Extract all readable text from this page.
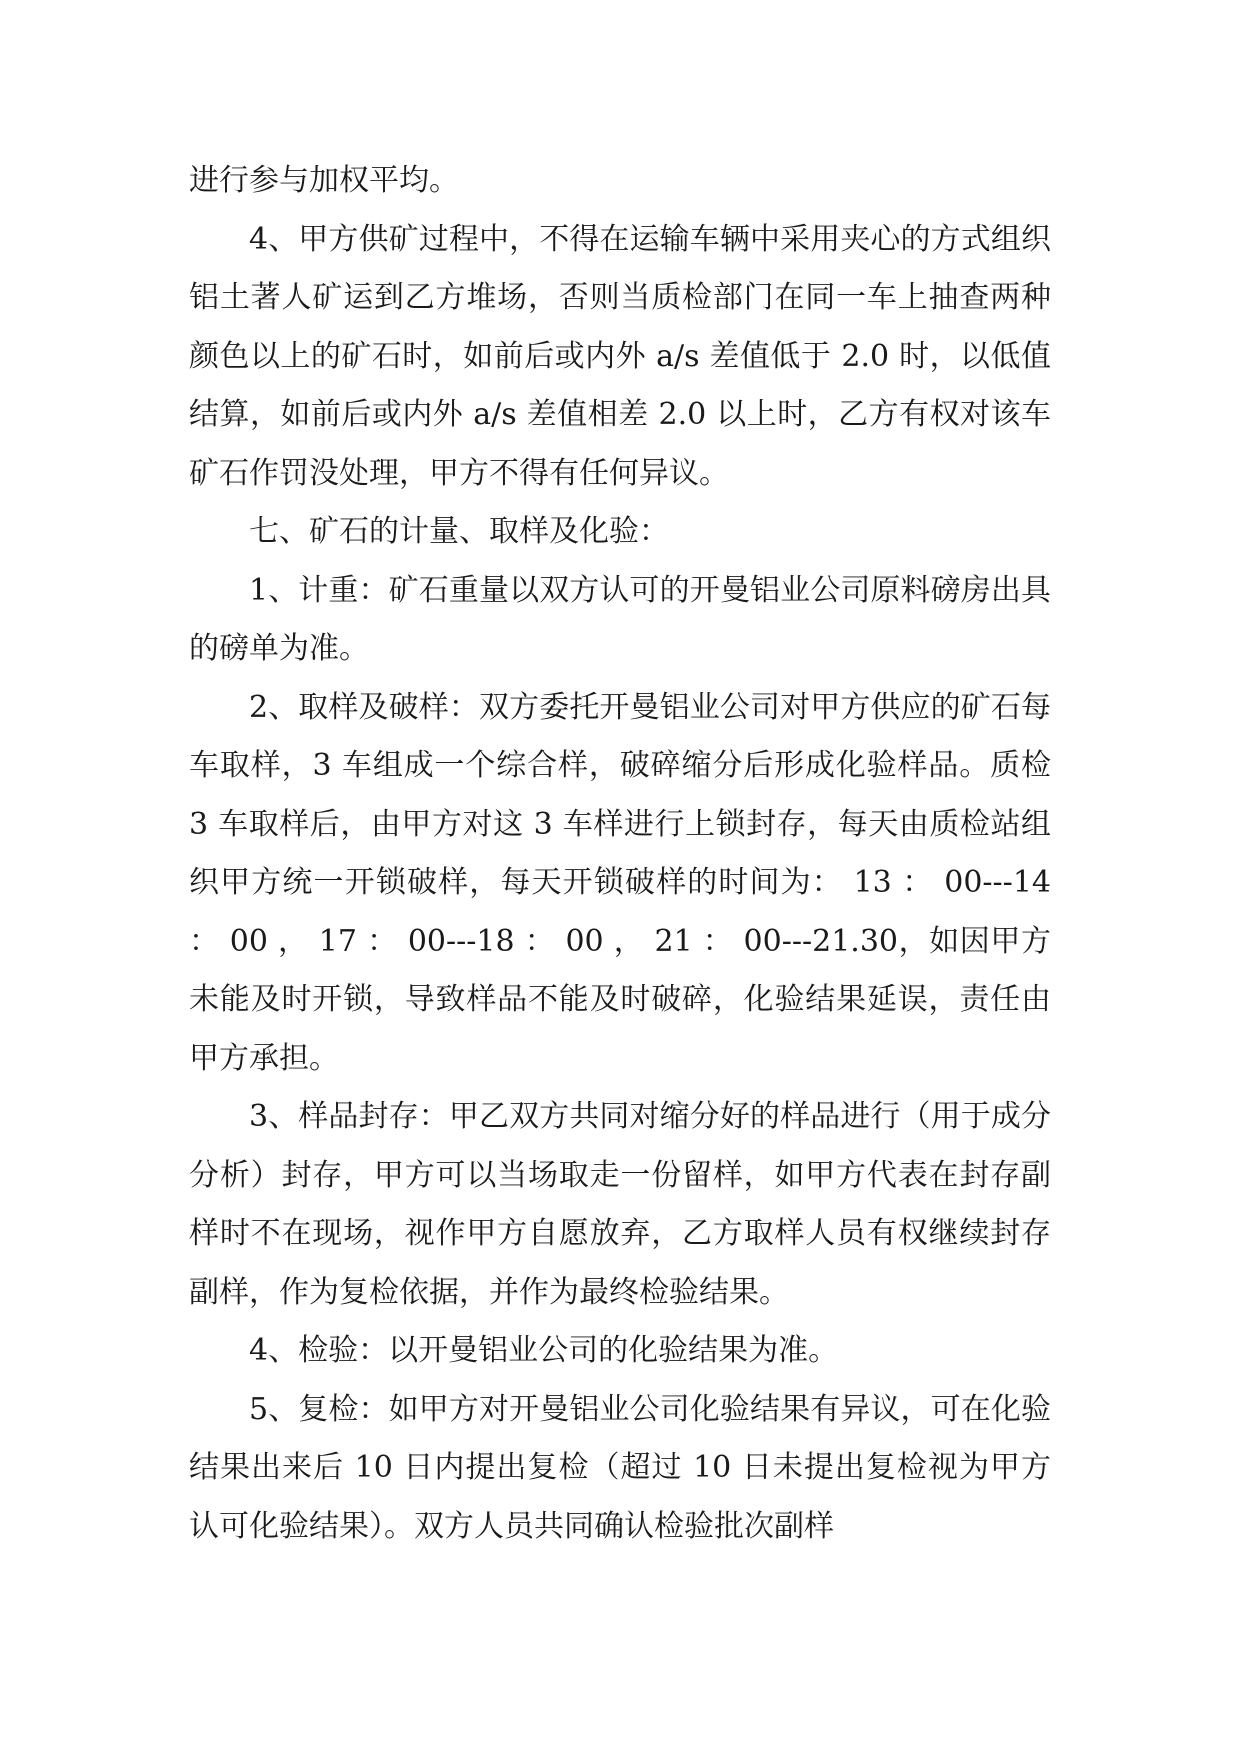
进行参与加权平均。

4、甲方供矿过程中，不得在运输车辆中采用夹心的方式组织铝土著人矿运到乙方堆场，否则当质检部门在同一车上抽查两种颜色以上的矿石时，如前后或内外 a/s 差值低于 2.0 时，以低值结算，如前后或内外 a/s 差值相差 2.0 以上时，乙方有权对该车矿石作罚没处理，甲方不得有任何异议。

七、矿石的计量、取样及化验：

1、计重：矿石重量以双方认可的开曼铝业公司原料磅房出具的磅单为准。

2、取样及破样：双方委托开曼铝业公司对甲方供应的矿石每车取样，3 车组成一个综合样，破碎缩分后形成化验样品。质检 3 车取样后，由甲方对这 3 车样进行上锁封存，每天由质检站组织甲方统一开锁破样，每天开锁破样的时间为： 13 ： 00---14 ： 00 ， 17 ： 00---18 ： 00 ， 21 ： 00---21.30，如因甲方未能及时开锁，导致样品不能及时破碎，化验结果延误，责任由甲方承担。

3、样品封存：甲乙双方共同对缩分好的样品进行（用于成分分析）封存，甲方可以当场取走一份留样，如甲方代表在封存副样时不在现场，视作甲方自愿放弃，乙方取样人员有权继续封存副样，作为复检依据，并作为最终检验结果。

4、检验：以开曼铝业公司的化验结果为准。

5、复检：如甲方对开曼铝业公司化验结果有异议，可在化验结果出来后 10 日内提出复检（超过 10 日未提出复检视为甲方认可化验结果）。双方人员共同确认检验批次副样
